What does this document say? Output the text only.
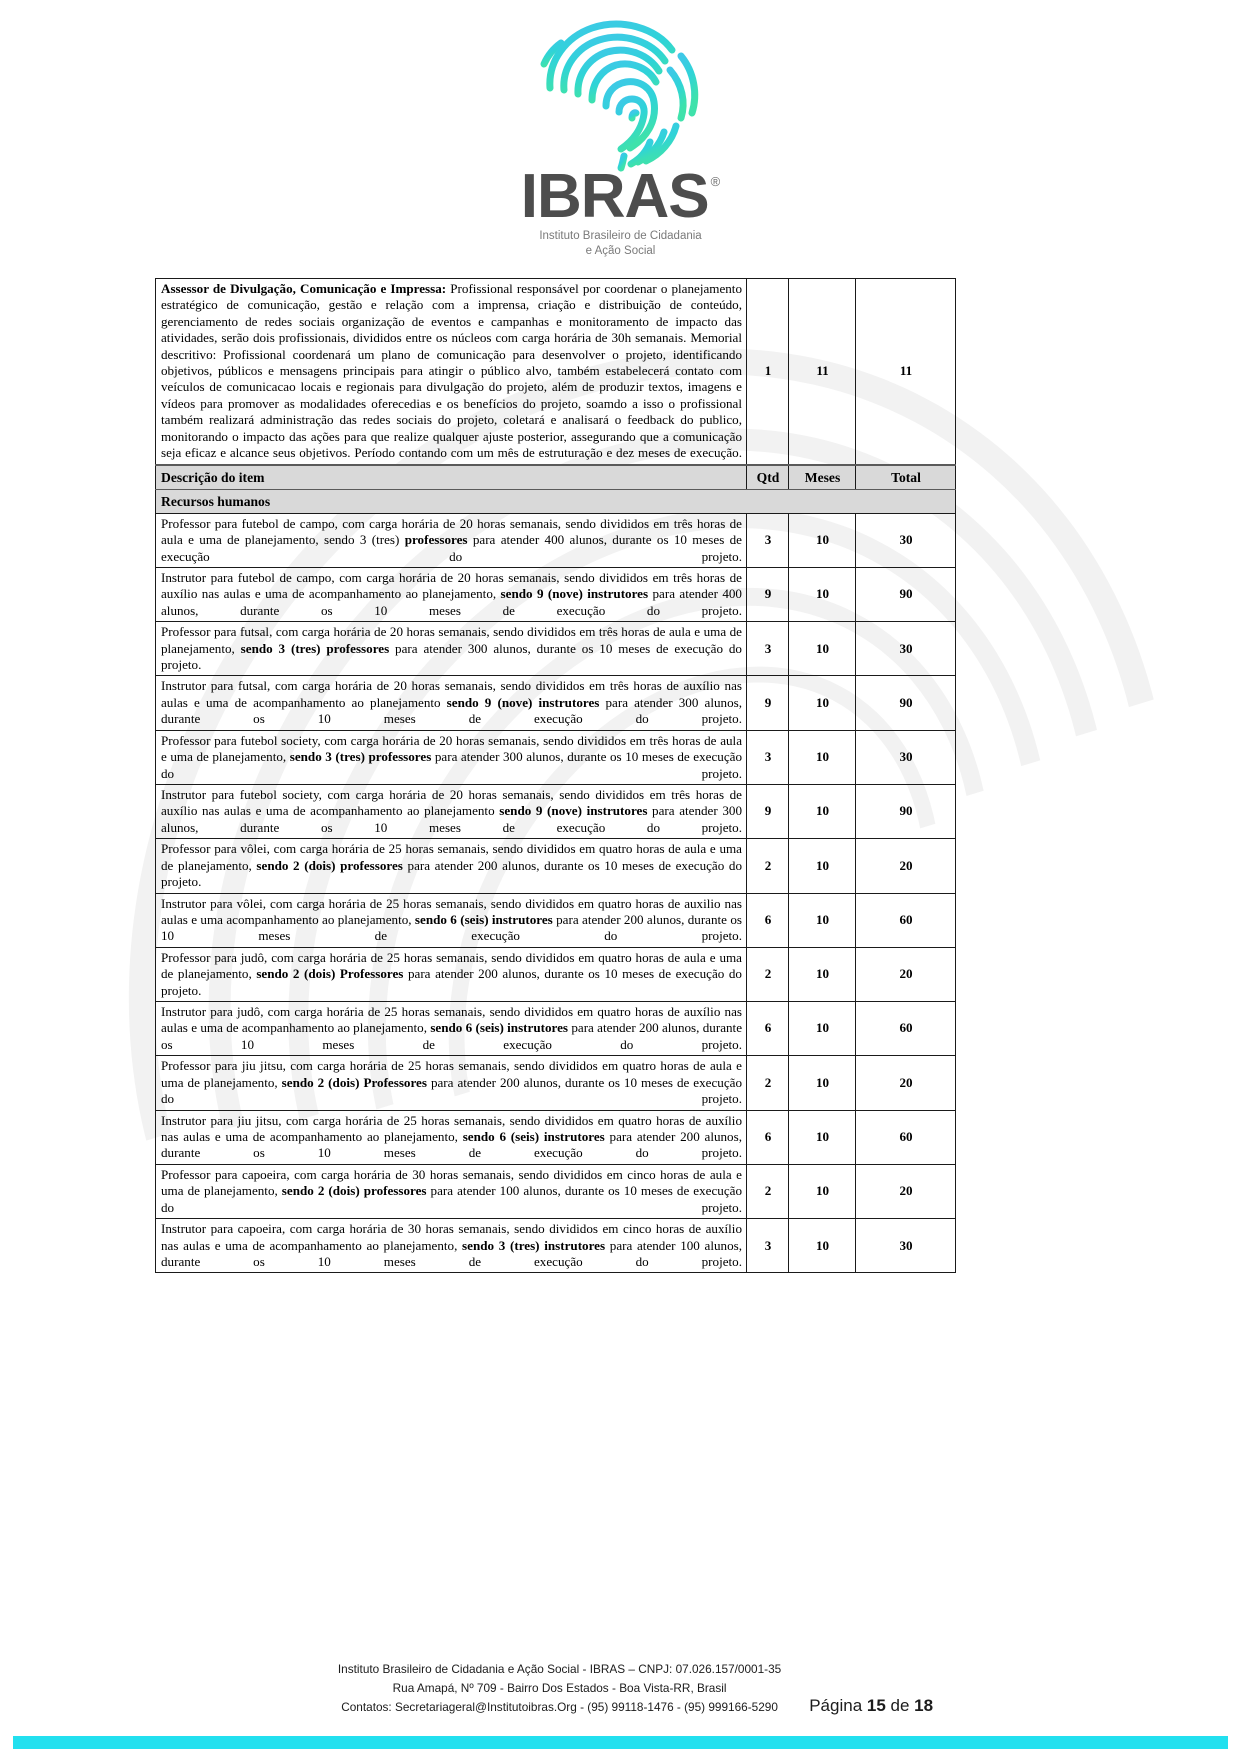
IBRAS ®
Instituto Brasileiro de Cidadania
e Ação Social
Assessor de Divulgação, Comunicação e Impressa: Profissional responsável por coordenar o planejamento estratégico de comunicação, gestão e relação com a imprensa, criação e distribuição de conteúdo, gerenciamento de redes sociais organização de eventos e campanhas e monitoramento de impacto das atividades, serão dois profissionais, divididos entre os núcleos com carga horária de 30h semanais. Memorial descritivo: Profissional coordenará um plano de comunicação para desenvolver o projeto, identificando objetivos, públicos e mensagens principais para atingir o público alvo, também estabelecerá contato com veículos de comunicacao locais e regionais para divulgação do projeto, além de produzir textos, imagens e vídeos para promover as modalidades oferecedias e os benefícios do projeto, soamdo a isso o profissional também realizará administração das redes sociais do projeto, coletará e analisará o feedback do publico, monitorando o impacto das ações para que realize qualquer ajuste posterior, assegurando que a comunicação seja eficaz e alcance seus objetivos. Período contando com um mês de estruturação e dez meses de execução.	1	11	11
Descrição do item	Qtd	Meses	Total
Recursos humanos			
Professor para futebol de campo, com carga horária de 20 horas semanais, sendo divididos em três horas de aula e uma de planejamento, sendo 3 (tres) professores para atender 400 alunos, durante os 10 meses de execução do projeto.	3	10	30
Instrutor para futebol de campo, com carga horária de 20 horas semanais, sendo divididos em três horas de auxílio nas aulas e uma de acompanhamento ao planejamento, sendo 9 (nove) instrutores para atender 400 alunos, durante os 10 meses de execução do projeto.	9	10	90
Professor para futsal, com carga horária de 20 horas semanais, sendo divididos em três horas de aula e uma de planejamento, sendo 3 (tres) professores para atender 300 alunos, durante os 10 meses de execução do projeto.	3	10	30
Instrutor para futsal, com carga horária de 20 horas semanais, sendo divididos em três horas de auxílio nas aulas e uma de acompanhamento ao planejamento sendo 9 (nove) instrutores para atender 300 alunos, durante os 10 meses de execução do projeto.	9	10	90
Professor para futebol society, com carga horária de 20 horas semanais, sendo divididos em três horas de aula e uma de planejamento, sendo 3 (tres) professores para atender 300 alunos, durante os 10 meses de execução do projeto.	3	10	30
Instrutor para futebol society, com carga horária de 20 horas semanais, sendo divididos em três horas de auxílio nas aulas e uma de acompanhamento ao planejamento sendo 9 (nove) instrutores para atender 300 alunos, durante os 10 meses de execução do projeto.	9	10	90
Professor para vôlei, com carga horária de 25 horas semanais, sendo divididos em quatro horas de aula e uma de planejamento, sendo 2 (dois) professores para atender 200 alunos, durante os 10 meses de execução do projeto.	2	10	20
Instrutor para vôlei, com carga horária de 25 horas semanais, sendo divididos em quatro horas de auxilio nas aulas e uma acompanhamento ao planejamento, sendo 6 (seis) instrutores para atender 200 alunos, durante os 10 meses de execução do projeto.	6	10	60
Professor para judô, com carga horária de 25 horas semanais, sendo divididos em quatro horas de aula e uma de planejamento, sendo 2 (dois) Professores para atender 200 alunos, durante os 10 meses de execução do projeto.	2	10	20
Instrutor para judô, com carga horária de 25 horas semanais, sendo divididos em quatro horas de auxílio nas aulas e uma de acompanhamento ao planejamento, sendo 6 (seis) instrutores para atender 200 alunos, durante os 10 meses de execução do projeto.	6	10	60
Professor para jiu jitsu, com carga horária de 25 horas semanais, sendo divididos em quatro horas de aula e uma de planejamento, sendo 2 (dois) Professores para atender 200 alunos, durante os 10 meses de execução do projeto.	2	10	20
Instrutor para jiu jitsu, com carga horária de 25 horas semanais, sendo divididos em quatro horas de auxílio nas aulas e uma de acompanhamento ao planejamento, sendo 6 (seis) instrutores para atender 200 alunos, durante os 10 meses de execução do projeto.	6	10	60
Professor para capoeira, com carga horária de 30 horas semanais, sendo divididos em cinco horas de aula e uma de planejamento, sendo 2 (dois) professores para atender 100 alunos, durante os 10 meses de execução do projeto.	2	10	20
Instrutor para capoeira, com carga horária de 30 horas semanais, sendo divididos em cinco horas de auxílio nas aulas e uma de acompanhamento ao planejamento, sendo 3 (tres) instrutores para atender 100 alunos, durante os 10 meses de execução do projeto.	3	10	30
Instituto Brasileiro de Cidadania e Ação Social - IBRAS – CNPJ: 07.026.157/0001-35
Rua Amapá, Nº 709 - Bairro Dos Estados - Boa Vista-RR, Brasil
Contatos: Secretariageral@Institutoibras.Org - (95) 99118-1476 - (95) 999166-5290 Página 15 de 18
